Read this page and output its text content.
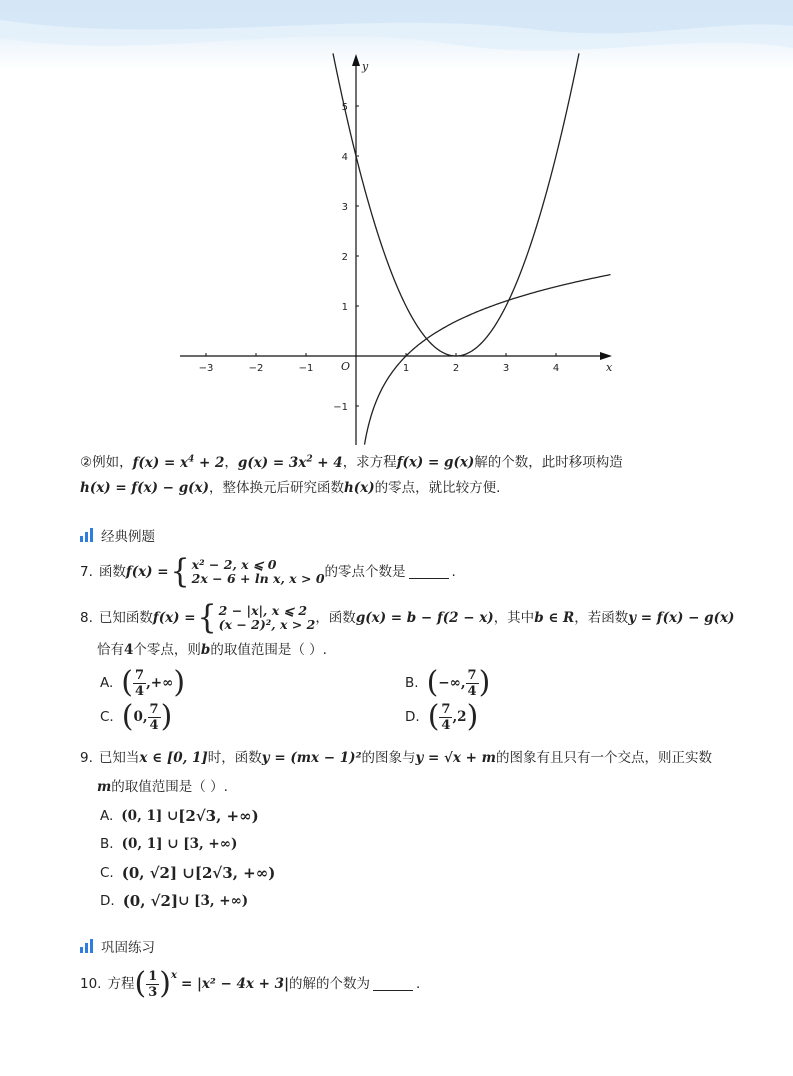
x
y
O
−3	−2	−1	1	2	3	4
−1
1
2
3
4
5
②例如，$f(x) = x^4 + 2$，$g(x) = 3x^2 + 4$，求方程f(x) = g(x)解的个数，此时移项构造
h(x) = f(x) − g(x)，整体换元后研究函数h(x)的零点，就比较方便.
经典例题
7. 函数 f(x) = { x² − 2, x ⩽ 0
2x − 6 + ln x, x > 0 的零点个数是	.
8. 已知函数 f(x) = { 2 − |x|, x ⩽ 2
(x − 2)², x > 2 ，函数 g(x) = b − f(2 − x) ，其中 b ∈ R ，若函数 y = f(x) − g(x)
恰有4个零点，则b的取值范围是（ ）.
A. ( $\frac{7}{4}$ , +∞ )	B. ( −∞ , $\frac{7}{4}$ )
C. ( 0 , $\frac{7}{4}$ )	D. ( $\frac{7}{4}$ , 2 )
9. 已知当x ∈ [0, 1]时，函数y = (mx − 1)²的图象与y = √x + m的图象有且只有一个交点，则正实数
m的取值范围是（ ）.
A. (0, 1] ∪ [2√3, +∞)
B. (0, 1] ∪ [3, +∞)
C. (0, √2] ∪ [2√3, +∞)
D. (0, √2] ∪ [3, +∞)
巩固练习
10. 方程 ( $\frac{1}{3}$ ) x
= |x² − 4x + 3| 的解的个数为	.
